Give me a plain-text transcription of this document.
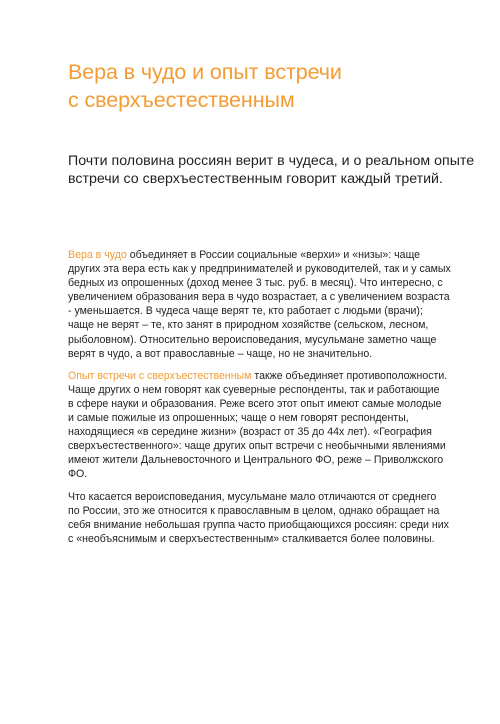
Вера в чудо и опыт встречи
с сверхъестественным

Почти половина россиян верит в чудеса, и о реальном опыте
встречи со сверхъестественным говорит каждый третий.

Вера в чудо объединяет в России социальные «верхи» и «низы»: чаще
других эта вера есть как у предпринимателей и руководителей, так и у самых
бедных из опрошенных (доход менее 3 тыс. руб. в месяц). Что интересно, с
увеличением образования вера в чудо возрастает, а с увеличением возраста
- уменьшается. В чудеса чаще верят те, кто работает с людьми (врачи);
чаще не верят – те, кто занят в природном хозяйстве (сельском, лесном,
рыболовном). Относительно вероисповедания, мусульмане заметно чаще
верят в чудо, а вот православные – чаще, но не значительно.

Опыт встречи с сверхъестественным также объединяет противоположности.
Чаще других о нем говорят как суеверные респонденты, так и работающие
в сфере науки и образования. Реже всего этот опыт имеют самые молодые
и самые пожилые из опрошенных; чаще о нем говорят респонденты,
находящиеся «в середине жизни» (возраст от 35 до 44х лет). «География
сверхъестественного»: чаще других опыт встречи с необычными явлениями
имеют жители Дальневосточного и Центрального ФО, реже – Приволжского
ФО.

Что касается вероисповедания, мусульмане мало отличаются от среднего
по России, это же относится к православным в целом, однако обращает на
себя внимание небольшая группа часто приобщающихся россиян: среди них
с «необъяснимым и сверхъестественным» сталкивается более половины.
